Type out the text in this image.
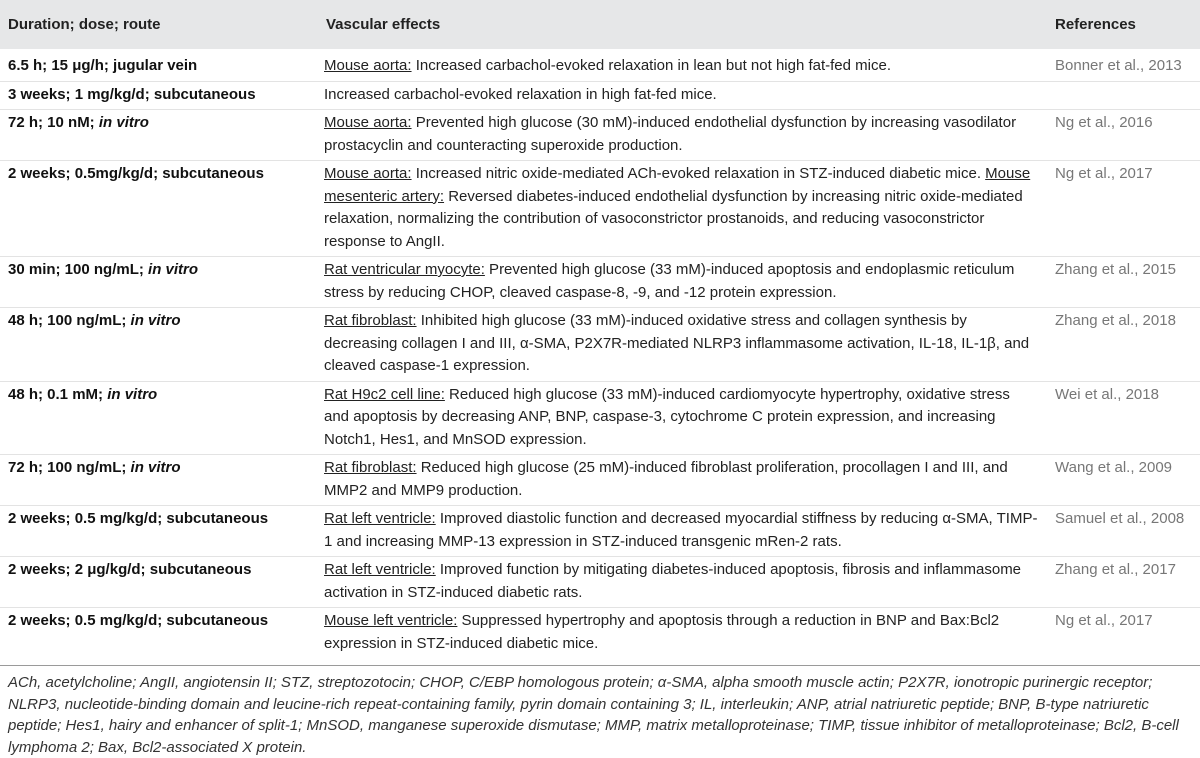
Duration; dose; route	Vascular effects	References
6.5 h; 15 μg/h; jugular vein	Mouse aorta: Increased carbachol-evoked relaxation in lean but not high fat-fed mice.	Bonner et al., 2013
3 weeks; 1 mg/kg/d; subcutaneous	Increased carbachol-evoked relaxation in high fat-fed mice.	
72 h; 10 nM; in vitro	Mouse aorta: Prevented high glucose (30 mM)-induced endothelial dysfunction by increasing vasodilator prostacyclin and counteracting superoxide production.	Ng et al., 2016
2 weeks; 0.5mg/kg/d; subcutaneous	Mouse aorta: Increased nitric oxide-mediated ACh-evoked relaxation in STZ-induced diabetic mice. Mouse mesenteric artery: Reversed diabetes-induced endothelial dysfunction by increasing nitric oxide-mediated relaxation, normalizing the contribution of vasoconstrictor prostanoids, and reducing vasoconstrictor response to AngII.	Ng et al., 2017
30 min; 100 ng/mL; in vitro	Rat ventricular myocyte: Prevented high glucose (33 mM)-induced apoptosis and endoplasmic reticulum stress by reducing CHOP, cleaved caspase-8, -9, and -12 protein expression.	Zhang et al., 2015
48 h; 100 ng/mL; in vitro	Rat fibroblast: Inhibited high glucose (33 mM)-induced oxidative stress and collagen synthesis by decreasing collagen I and III, α-SMA, P2X7R-mediated NLRP3 inflammasome activation, IL-18, IL-1β, and cleaved caspase-1 expression.	Zhang et al., 2018
48 h; 0.1 mM; in vitro	Rat H9c2 cell line: Reduced high glucose (33 mM)-induced cardiomyocyte hypertrophy, oxidative stress and apoptosis by decreasing ANP, BNP, caspase-3, cytochrome C protein expression, and increasing Notch1, Hes1, and MnSOD expression.	Wei et al., 2018
72 h; 100 ng/mL; in vitro	Rat fibroblast: Reduced high glucose (25 mM)-induced fibroblast proliferation, procollagen I and III, and MMP2 and MMP9 production.	Wang et al., 2009
2 weeks; 0.5 mg/kg/d; subcutaneous	Rat left ventricle: Improved diastolic function and decreased myocardial stiffness by reducing α-SMA, TIMP-1 and increasing MMP-13 expression in STZ-induced transgenic mRen-2 rats.	Samuel et al., 2008
2 weeks; 2 μg/kg/d; subcutaneous	Rat left ventricle: Improved function by mitigating diabetes-induced apoptosis, fibrosis and inflammasome activation in STZ-induced diabetic rats.	Zhang et al., 2017
2 weeks; 0.5 mg/kg/d; subcutaneous	Mouse left ventricle: Suppressed hypertrophy and apoptosis through a reduction in BNP and Bax:Bcl2 expression in STZ-induced diabetic mice.	Ng et al., 2017
ACh, acetylcholine; AngII, angiotensin II; STZ, streptozotocin; CHOP, C/EBP homologous protein; α-SMA, alpha smooth muscle actin; P2X7R, ionotropic purinergic receptor; NLRP3, nucleotide-binding domain and leucine-rich repeat-containing family, pyrin domain containing 3; IL, interleukin; ANP, atrial natriuretic peptide; BNP, B-type natriuretic peptide; Hes1, hairy and enhancer of split-1; MnSOD, manganese superoxide dismutase; MMP, matrix metalloproteinase; TIMP, tissue inhibitor of metalloproteinase; Bcl2, B-cell lymphoma 2; Bax, Bcl2-associated X protein.
